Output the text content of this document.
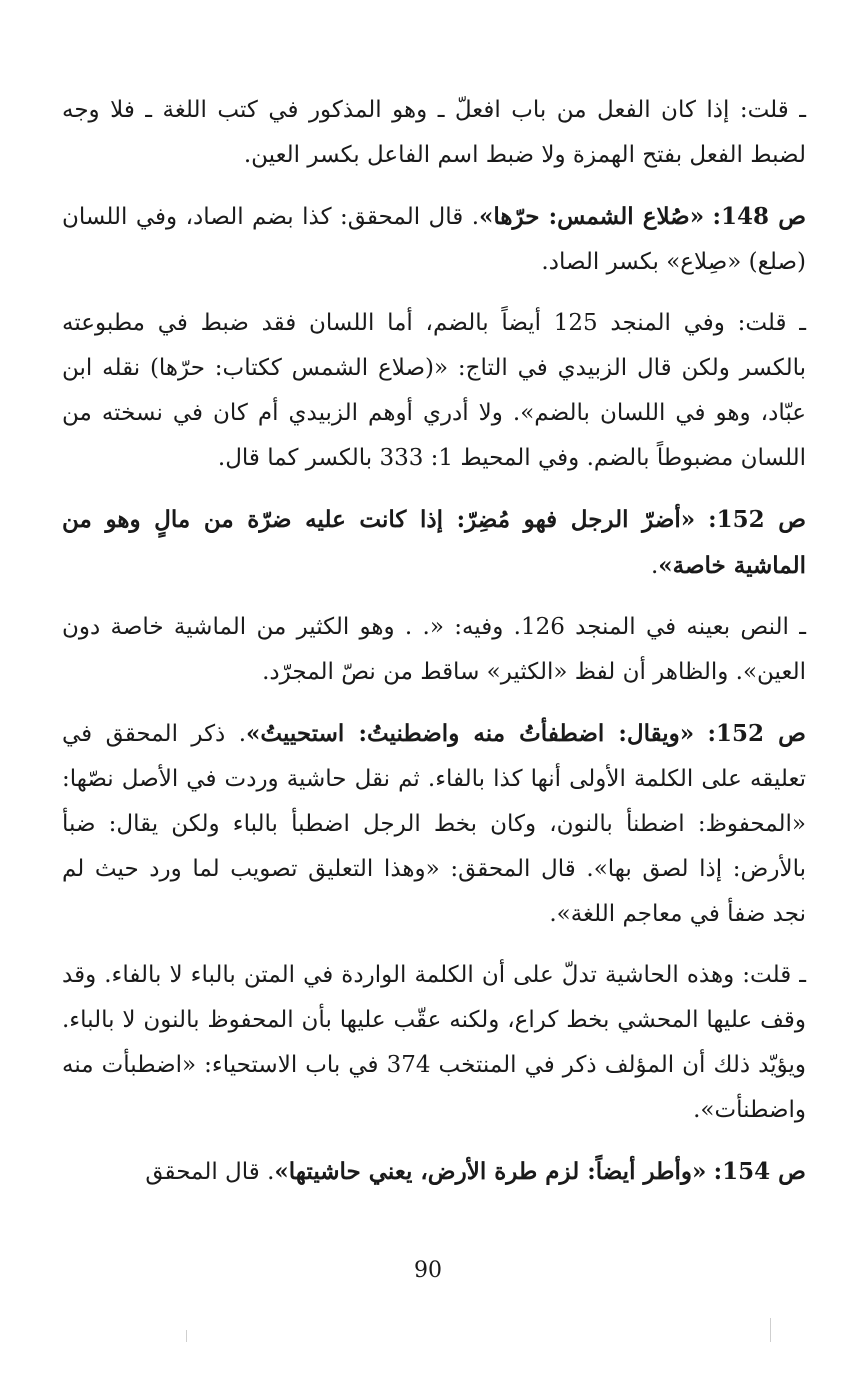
ـ قلت: إذا كان الفعل من باب افعلّ ـ وهو المذكور في كتب اللغة ـ فلا وجه لضبط الفعل بفتح الهمزة ولا ضبط اسم الفاعل بكسر العين.

ص 148: «صُلاع الشمس: حرّها». قال المحقق: كذا بضم الصاد، وفي اللسان (صلع) «صِلاع» بكسر الصاد.

ـ قلت: وفي المنجد 125 أيضاً بالضم، أما اللسان فقد ضبط في مطبوعته بالكسر ولكن قال الزبيدي في التاج: «(صلاع الشمس ككتاب: حرّها) نقله ابن عبّاد، وهو في اللسان بالضم». ولا أدري أوهم الزبيدي أم كان في نسخته من اللسان مضبوطاً بالضم. وفي المحيط 1: 333 بالكسر كما قال.

ص 152: «أضرّ الرجل فهو مُضِرّ: إذا كانت عليه ضرّة من مالٍ وهو من الماشية خاصة».

ـ النص بعينه في المنجد 126. وفيه: «. . وهو الكثير من الماشية خاصة دون العين». والظاهر أن لفظ «الكثير» ساقط من نصّ المجرّد.

ص 152: «ويقال: اضطفأتُ منه واضطنيتُ: استحييتُ». ذكر المحقق في تعليقه على الكلمة الأولى أنها كذا بالفاء. ثم نقل حاشية وردت في الأصل نصّها: «المحفوظ: اضطنأ بالنون، وكان بخط الرجل اضطبأ بالباء ولكن يقال: ضبأ بالأرض: إذا لصق بها». قال المحقق: «وهذا التعليق تصويب لما ورد حيث لم نجد ضفأ في معاجم اللغة».

ـ قلت: وهذه الحاشية تدلّ على أن الكلمة الواردة في المتن بالباء لا بالفاء. وقد وقف عليها المحشي بخط كراع، ولكنه عقّب عليها بأن المحفوظ بالنون لا بالباء. ويؤيّد ذلك أن المؤلف ذكر في المنتخب 374 في باب الاستحياء: «اضطبأت منه واضطنأت».

ص 154: «وأطر أيضاً: لزم طرة الأرض، يعني حاشيتها». قال المحقق

90
